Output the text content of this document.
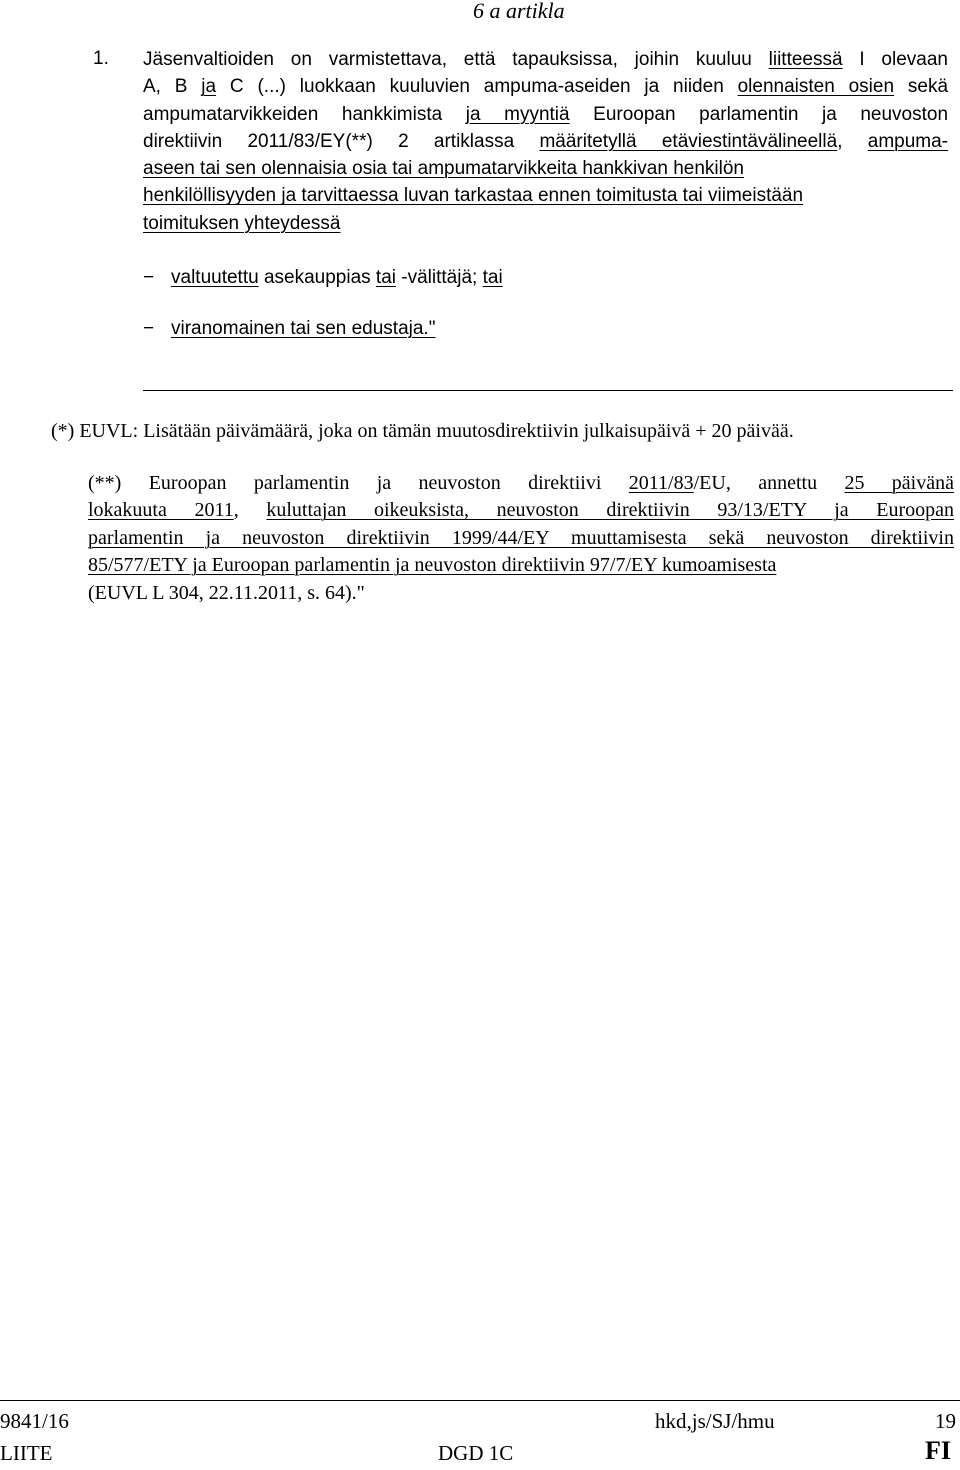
6 a artikla
1. Jäsenvaltioiden on varmistettava, että tapauksissa, joihin kuuluu liitteessä I olevaan
A, B ja C (...) luokkaan kuuluvien ampuma-aseiden ja niiden olennaisten osien sekä
ampumatarvikkeiden hankkimista ja myyntiä Euroopan parlamentin ja neuvoston
direktiivin 2011/83/EY(**) 2 artiklassa määritetyllä etäviestintävälineellä, ampuma-
aseen tai sen olennaisia osia tai ampumatarvikkeita hankkivan henkilön
henkilöllisyyden ja tarvittaessa luvan tarkastaa ennen toimitusta tai viimeistään
toimituksen yhteydessä
− valtuutettu asekauppias tai -välittäjä; tai
− viranomainen tai sen edustaja."
(*) EUVL: Lisätään päivämäärä, joka on tämän muutosdirektiivin julkaisupäivä + 20 päivää.
(**) Euroopan parlamentin ja neuvoston direktiivi 2011/83/EU, annettu 25 päivänä
lokakuuta 2011, kuluttajan oikeuksista, neuvoston direktiivin 93/13/ETY ja Euroopan
parlamentin ja neuvoston direktiivin 1999/44/EY muuttamisesta sekä neuvoston direktiivin
85/577/ETY ja Euroopan parlamentin ja neuvoston direktiivin 97/7/EY kumoamisesta
(EUVL L 304, 22.11.2011, s. 64)."
9841/16	hkd,js/SJ/hmu	19
LIITE	DGD 1C	FI
